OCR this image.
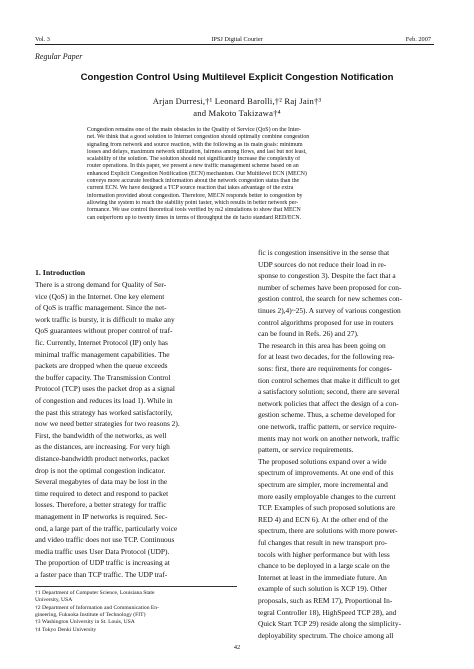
Vol. 3	IPSJ Digital Courier	Feb. 2007
Regular Paper
Congestion Control Using Multilevel Explicit Congestion Notification
Arjan Durresi,†¹ Leonard Barolli,†² Raj Jain†³
and Makoto Takizawa†⁴
Congestion remains one of the main obstacles to the Quality of Service (QoS) on the Inter-
net. We think that a good solution to Internet congestion should optimally combine congestion
signaling from network and source reaction, with the following as its main goals: minimum
losses and delays, maximum network utilization, fairness among flows, and last but not least,
scalability of the solution. The solution should not significantly increase the complexity of
router operations. In this paper, we present a new traffic management scheme based on an
enhanced Explicit Congestion Notification (ECN) mechanism. Our Multilevel ECN (MECN)
conveys more accurate feedback information about the network congestion status than the
current ECN. We have designed a TCP source reaction that takes advantage of the extra
information provided about congestion. Therefore, MECN responds better to congestion by
allowing the system to reach the stability point faster, which results in better network per-
formance. We use control theoretical tools verified by ns2 simulations to show that MECN
can outperform up to twenty times in terms of throughput the de facto standard RED/ECN.
1. Introduction
There is a strong demand for Quality of Ser-
vice (QoS) in the Internet. One key element
of QoS is traffic management. Since the net-
work traffic is bursty, it is difficult to make any
QoS guarantees without proper control of traf-
fic. Currently, Internet Protocol (IP) only has
minimal traffic management capabilities. The
packets are dropped when the queue exceeds
the buffer capacity. The Transmission Control
Protocol (TCP) uses the packet drop as a signal
of congestion and reduces its load 1). While in
the past this strategy has worked satisfactorily,
now we need better strategies for two reasons 2).
First, the bandwidth of the networks, as well
as the distances, are increasing. For very high
distance-bandwidth product networks, packet
drop is not the optimal congestion indicator.
Several megabytes of data may be lost in the
time required to detect and respond to packet
losses. Therefore, a better strategy for traffic
management in IP networks is required. Sec-
ond, a large part of the traffic, particularly voice
and video traffic does not use TCP. Continuous
media traffic uses User Data Protocol (UDP).
The proportion of UDP traffic is increasing at
a faster pace than TCP traffic. The UDP traf-
fic is congestion insensitive in the sense that
UDP sources do not reduce their load in re-
sponse to congestion 3). Despite the fact that a
number of schemes have been proposed for con-
gestion control, the search for new schemes con-
tinues 2),4)~25). A survey of various congestion
control algorithms proposed for use in routers
can be found in Refs. 26) and 27).
The research in this area has been going on
for at least two decades, for the following rea-
sons: first, there are requirements for conges-
tion control schemes that make it difficult to get
a satisfactory solution; second, there are several
network policies that affect the design of a con-
gestion scheme. Thus, a scheme developed for
one network, traffic pattern, or service require-
ments may not work on another network, traffic
pattern, or service requirements.
The proposed solutions expand over a wide
spectrum of improvements. At one end of this
spectrum are simpler, more incremental and
more easily employable changes to the current
TCP. Examples of such proposed solutions are
RED 4) and ECN 6). At the other end of the
spectrum, there are solutions with more power-
ful changes that result in new transport pro-
tocols with higher performance but with less
chance to be deployed in a large scale on the
Internet at least in the immediate future. An
example of such solution is XCP 19). Other
proposals, such as REM 17), Proportional In-
tegral Controller 18), HighSpeed TCP 28), and
Quick Start TCP 29) reside along the simplicity-
deployability spectrum. The choice among all
†1 Department of Computer Science, Louisiana State
University, USA
†2 Department of Information and Communication En-
gineering, Fukuoka Institute of Technology (FIT)
†3 Washington University in St. Louis, USA
†4 Tokyo Denki University
42
